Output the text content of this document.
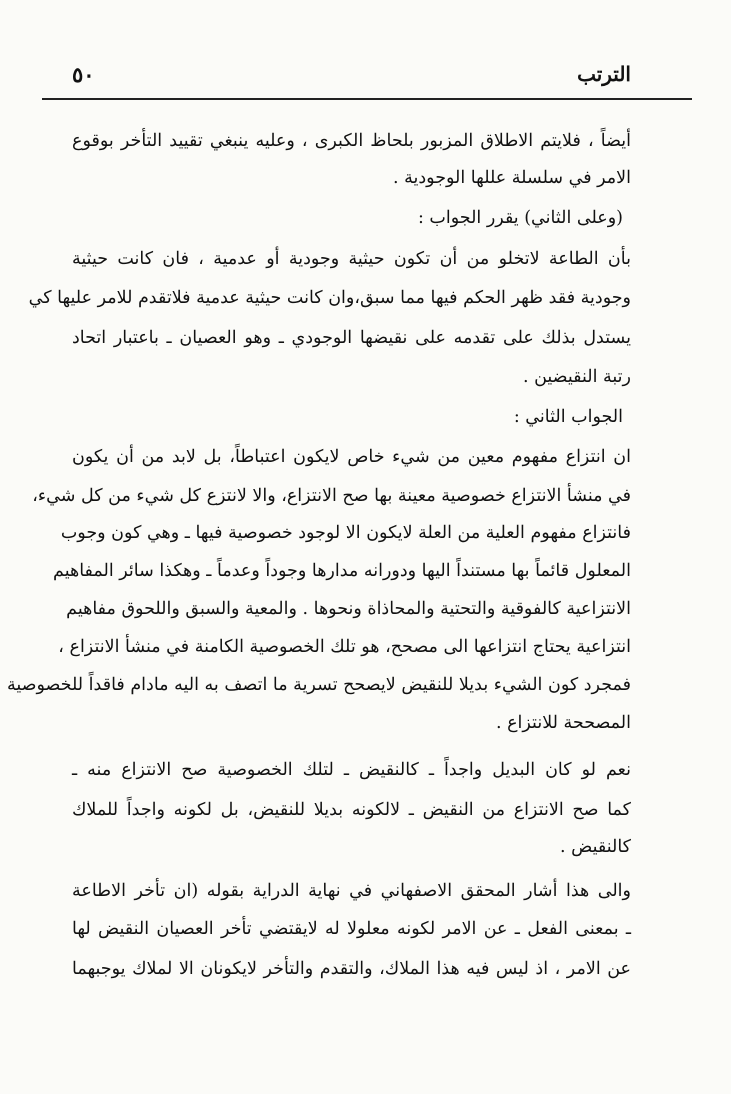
٥٠	الترتب
أيضاً ، فلايتم الاطلاق المزبور بلحاظ الكبرى ، وعليه ينبغي تقييد التأخر بوقوع
الامر في سلسلة عللها الوجودية .
(وعلى الثاني) يقرر الجواب :
بأن الطاعة لاتخلو من أن تكون حيثية وجودية أو عدمية ، فان كانت حيثية
وجودية فقد ظهر الحكم فيها مما سبق،وان كانت حيثية عدمية فلاتقدم للامر عليها كي
يستدل بذلك على تقدمه على نقيضها الوجودي ـ وهو العصيان ـ باعتبار اتحاد
رتبة النقيضين .
الجواب الثاني :
ان انتزاع مفهوم معين من شيء خاص لايكون اعتباطاً، بل لابد من أن يكون
في منشأ الانتزاع خصوصية معينة بها صح الانتزاع، والا لانتزع كل شيء من كل شيء،
فانتزاع مفهوم العلية من العلة لايكون الا لوجود خصوصية فيها ـ وهي كون وجوب
المعلول قائماً بها مستنداً اليها ودورانه مدارها وجوداً وعدماً ـ وهكذا سائر المفاهيم
الانتزاعية كالفوقية والتحتية والمحاذاة ونحوها . والمعية والسبق واللحوق مفاهيم
انتزاعية يحتاج انتزاعها الى مصحح، هو تلك الخصوصية الكامنة في منشأ الانتزاع ،
فمجرد كون الشيء بديلا للنقيض لايصحح تسرية ما اتصف به اليه مادام فاقداً للخصوصية
المصححة للانتزاع .
نعم لو كان البديل واجداً ـ كالنقيض ـ لتلك الخصوصية صح الانتزاع منه ـ
كما صح الانتزاع من النقيض ـ لالكونه بديلا للنقيض، بل لكونه واجداً للملاك
كالنقيض .
والى هذا أشار المحقق الاصفهاني في نهاية الدراية بقوله (ان تأخر الاطاعة
ـ بمعنى الفعل ـ عن الامر لكونه معلولا له لايقتضي تأخر العصيان النقيض لها
عن الامر ، اذ ليس فيه هذا الملاك، والتقدم والتأخر لايكونان الا لملاك يوجبهما
